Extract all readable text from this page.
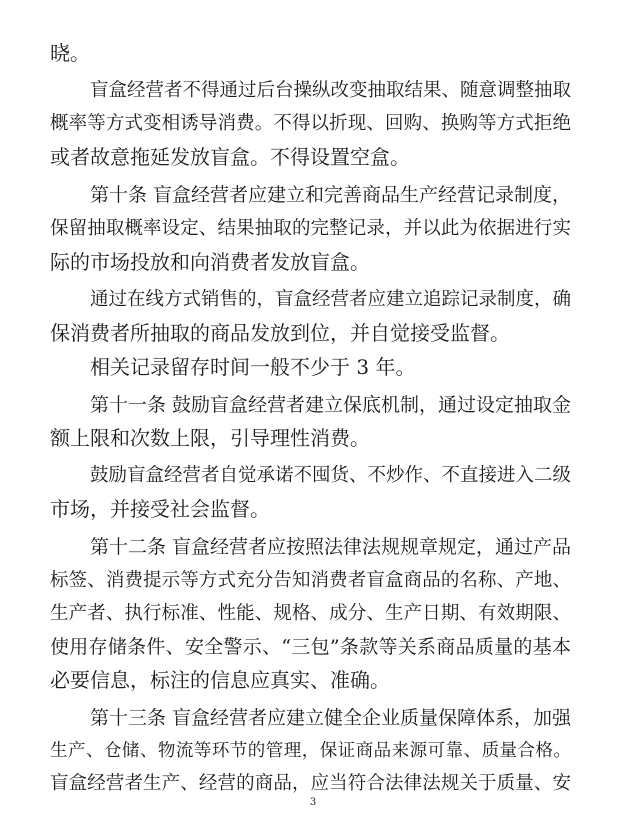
晓。
盲盒经营者不得通过后台操纵改变抽取结果、随意调整抽取
概率等方式变相诱导消费。不得以折现、回购、换购等方式拒绝
或者故意拖延发放盲盒。不得设置空盒。
第十条 盲盒经营者应建立和完善商品生产经营记录制度，
保留抽取概率设定、结果抽取的完整记录，并以此为依据进行实
际的市场投放和向消费者发放盲盒。
通过在线方式销售的，盲盒经营者应建立追踪记录制度，确
保消费者所抽取的商品发放到位，并自觉接受监督。
相关记录留存时间一般不少于 3 年。
第十一条 鼓励盲盒经营者建立保底机制，通过设定抽取金
额上限和次数上限，引导理性消费。
鼓励盲盒经营者自觉承诺不囤货、不炒作、不直接进入二级
市场，并接受社会监督。
第十二条 盲盒经营者应按照法律法规规章规定，通过产品
标签、消费提示等方式充分告知消费者盲盒商品的名称、产地、
生产者、执行标准、性能、规格、成分、生产日期、有效期限、
使用存储条件、安全警示、“三包”条款等关系商品质量的基本
必要信息，标注的信息应真实、准确。
第十三条 盲盒经营者应建立健全企业质量保障体系，加强
生产、仓储、物流等环节的管理，保证商品来源可靠、质量合格。
盲盒经营者生产、经营的商品，应当符合法律法规关于质量、安
3
